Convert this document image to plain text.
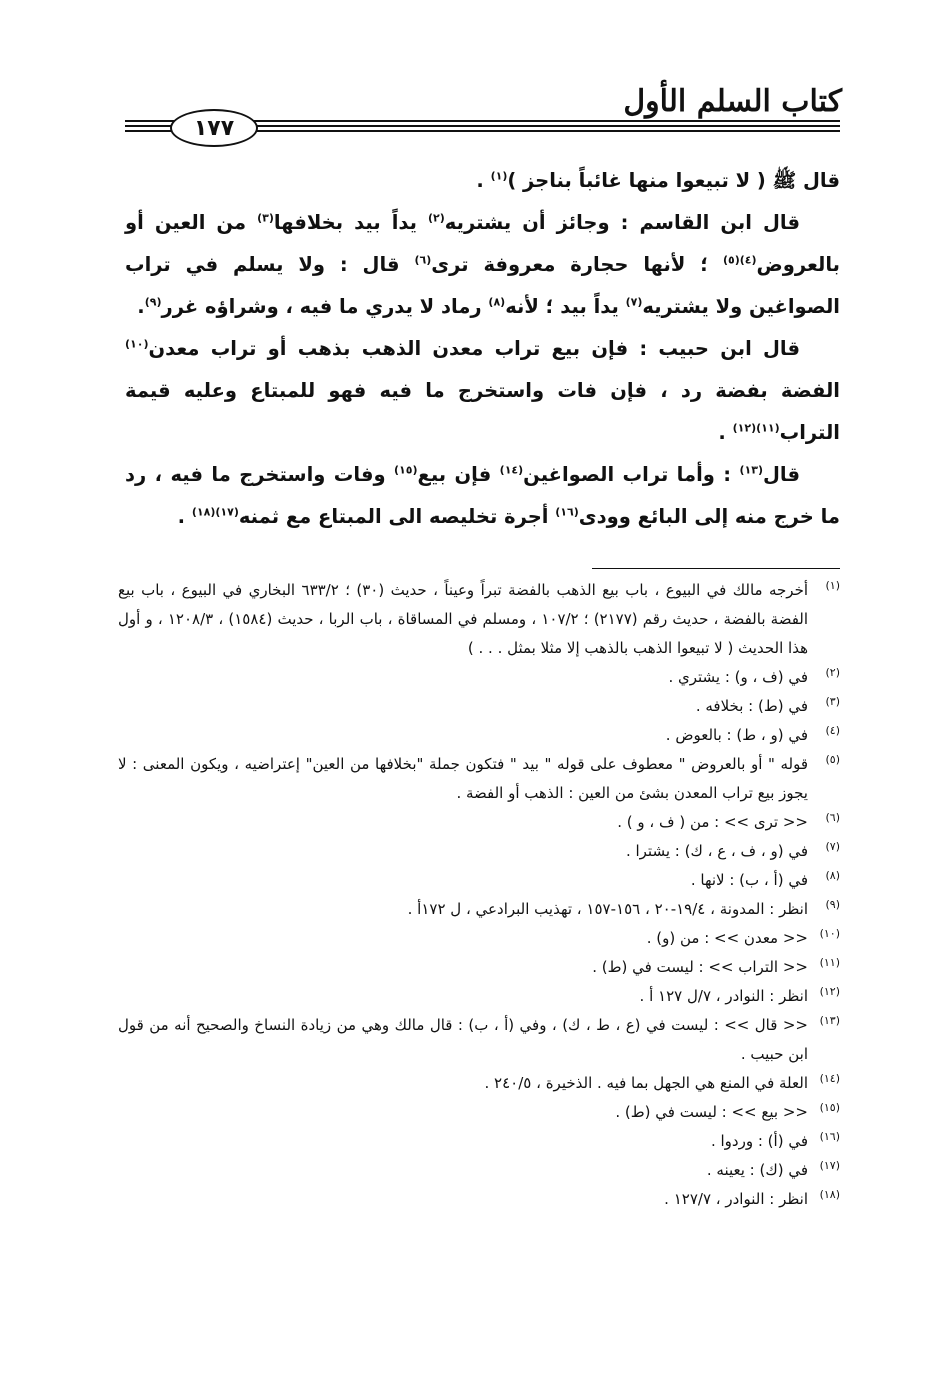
كتاب السلم الأول
١٧٧

قال ﷺ ( لا تبيعوا منها غائباً بناجز )$^{(١)}$ .

قال ابن القاسم : وجائز أن يشتريه$^{(٢)}$ يداً بيد بخلافها$^{(٣)}$ من العين أو بالعروض$^{(٤)(٥)}$ ؛ لأنها حجارة معروفة ترى$^{(٦)}$ قال : ولا يسلم في تراب الصواغين ولا يشتريه$^{(٧)}$ يداً بيد ؛ لأنه$^{(٨)}$ رماد لا يدري ما فيه ، وشراؤه غرر$^{(٩)}$.

قال ابن حبيب : فإن بيع تراب معدن الذهب بذهب أو تراب معدن$^{(١٠)}$ الفضة بفضة رد ، فإن فات واستخرج ما فيه فهو للمبتاع وعليه قيمة التراب$^{(١١)(١٢)}$ .

قال$^{(١٣)}$ : وأما تراب الصواغين$^{(١٤)}$ فإن بيع$^{(١٥)}$ وفات واستخرج ما فيه ، رد ما خرج منه إلى البائع وودى$^{(١٦)}$ أجرة تخليصه الى المبتاع مع ثمنه$^{(١٧)(١٨)}$ .

(١)
أخرجه مالك في البيوع ، باب بيع الذهب بالفضة تبراً وعيناً ، حديث (٣٠) ؛ ٦٣٣/٢ البخاري في البيوع ، باب بيع الفضة بالفضة ، حديث رقم (٢١٧٧) ؛ ١٠٧/٢ ، ومسلم في المساقاة ، باب الربا ، حديث (١٥٨٤) ، ١٢٠٨/٣ ، و أول هذا الحديث ( لا تبيعوا الذهب بالذهب إلا مثلا بمثل . . . )
(٢)
في (ف ، و) : يشتري .
(٣)
في (ط) : بخلافه .
(٤)
في (و ، ط) : بالعوض .
(٥)
قوله " أو بالعروض " معطوف على قوله " بيد " فتكون جملة "بخلافها من العين" إعتراضيه ، ويكون المعنى : لا يجوز بيع تراب المعدن بشئ من العين : الذهب أو الفضة .
(٦)
<< ترى >> : من ( ف ، و ) .
(٧)
في (و ، ف ، ع ، ك) : يشترا .
(٨)
في (أ ، ب) : لانها .
(٩)
انظر : المدونة ، ١٩/٤-٢٠ ، ١٥٦-١٥٧ ، تهذيب البرادعي ، ل ١٧٢أ .
(١٠)
<< معدن >> : من (و) .
(١١)
<< التراب >> : ليست في (ط) .
(١٢)
انظر : النوادر ، ٧/ل ١٢٧ أ .
(١٣)
<< قال >> : ليست في (ع ، ط ، ك) ، وفي (أ ، ب) : قال مالك وهي من زيادة النساخ والصحيح أنه من قول ابن حبيب .
(١٤)
العلة في المنع هي الجهل بما فيه . الذخيرة ، ٢٤٠/٥ .
(١٥)
<< بيع >> : ليست في (ط) .
(١٦)
في (أ) : وردوا .
(١٧)
في (ك) : يعينه .
(١٨)
انظر : النوادر ، ١٢٧/٧ .
